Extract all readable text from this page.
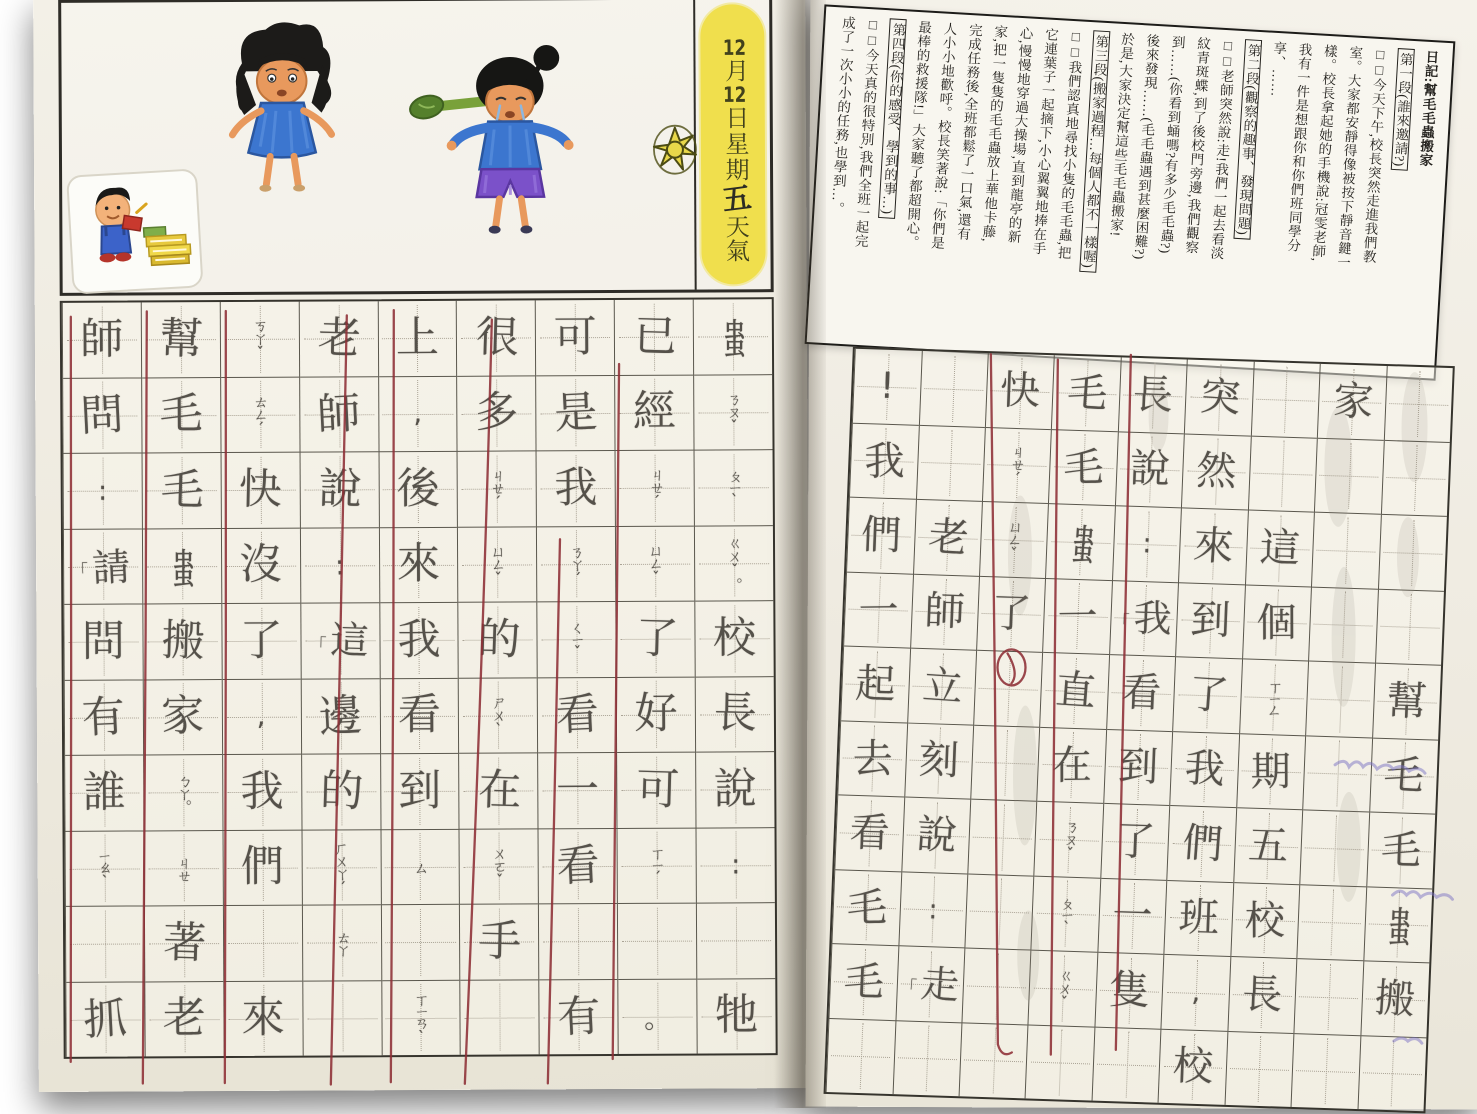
12月12日星期五天氣
虫虫
ㄋㄡˇ
ㄆㄧˋ
ㄍㄨˇ。
校
長
說
:
牠
已
經
ㄐㄝˊ
ㄩㄥˇ
了
好
可
ㄒㄧˊ
。
可
是
我
ㄋㄚˊ
ㄑㄧˇ
看
一
看
有
很
多
ㄐㄝˊ
ㄩㄥˇ
的
ㄕㄨˋ
在
ㄨㄛˇ
手
上
,
後
來
我
看
到
ㄙ
ㄒㄧㄢˋ
老
師
說
:
「 這
邊
的
ㄏㄨㄚˊ
ㄊㄚ
ㄎㄚˇ
ㄊㄥˊ
快
沒
了
,
我
們
來
幫
毛
毛
虫虫
搬
家
ㄅㄚ。
ㄐㄝ
著
老
師
問
:
「 請
問
有
誰
ㄧㄠˋ
抓
日記:幫毛毛蟲搬家
第一段(誰來邀請?)
□□今天下午,校長突然走進我們教
室。大家都安靜得像被按下靜音鍵一
樣。校長拿起她的手機說:冠雯老師,
我有一件是想跟你和你們班同學分
享、……
第二段(觀察的趣事、發現問題)
□□老師突然說:走!我們一起去看淡
紋青斑蝶,到了後校門旁邊,我們觀察
到……(你看到蛹嗎?有多少毛毛蟲?)
後來發現……(毛毛蟲遇到甚麼困難?)
於是,大家決定幫這些毛毛蟲搬家!
第三段(搬家過程…每個人都不一樣喔)
□□我們認真地尋找小隻的毛毛蟲,把
它連葉子一起摘下,小心翼翼地捧在手
心,慢慢地穿過大操場,直到龍亭的新
家,把一隻隻的毛毛蟲放上華他卡藤,
完成任務後,全班都鬆了一口氣,還有
人小小地歡呼。校長笑著說:「你們是
最棒的救援隊!」大家聽了都超開心。
第四段(你的感受、學到的事…)
□□今天真的很特別,我們全班一起完
成了一次小小的任務,也學到…。
幫
毛
毛
虫虫
搬
家
這
個
ㄒㄧㄥ
期
五
校
長
突
然
來
到
了
我
們
班
,
校
長
說
:
「 我
看
到
了
一
隻
毛
毛
虫虫
一
直
在
ㄋㄡˇ
ㄆㄧˋ
ㄍㄨˇ
快
ㄐㄝˊ
ㄩㄥˇ
了
老
師
立
刻
說
:
「 走
!
我
們
一
起
去
看
毛
毛
